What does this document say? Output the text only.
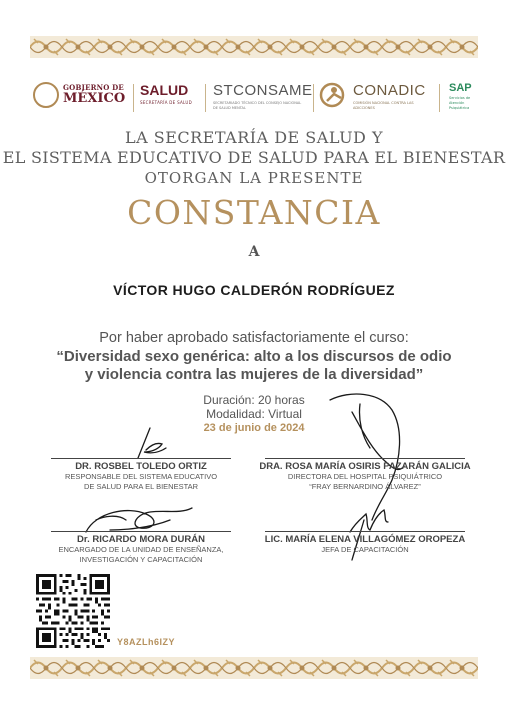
GOBIERNO DE
MÉXICO
SALUD
SECRETARÍA DE SALUD
STCONSAME
SECRETARIADO TÉCNICO DEL CONSEJO NACIONAL DE SALUD MENTAL
CONADIC
COMISIÓN NACIONAL CONTRA LAS ADICCIONES
SAP
Servicios de Atención Psiquiátrica
LA SECRETARÍA DE SALUD Y
EL SISTEMA EDUCATIVO DE SALUD PARA EL BIENESTAR
OTORGAN LA PRESENTE
CONSTANCIA
A
VÍCTOR HUGO CALDERÓN RODRÍGUEZ
Por haber aprobado satisfactoriamente el curso:
“Diversidad sexo genérica: alto a los discursos de odio
y violencia contra las mujeres de la diversidad”
Duración: 20 horas
Modalidad: Virtual
23 de junio de 2024
DR. ROSBEL TOLEDO ORTIZ
RESPONSABLE DEL SISTEMA EDUCATIVO
DE SALUD PARA EL BIENESTAR
DRA. ROSA MARÍA OSIRIS PAZARÁN GALICIA
DIRECTORA DEL HOSPITAL PSIQUIÁTRICO
“FRAY BERNARDINO ÁLVAREZ”
Dr. RICARDO MORA DURÁN
ENCARGADO DE LA UNIDAD DE ENSEÑANZA,
INVESTIGACIÓN Y CAPACITACIÓN
LIC. MARÍA ELENA VILLAGÓMEZ OROPEZA
JEFA DE CAPACITACIÓN
Y8AZLh6IZY
